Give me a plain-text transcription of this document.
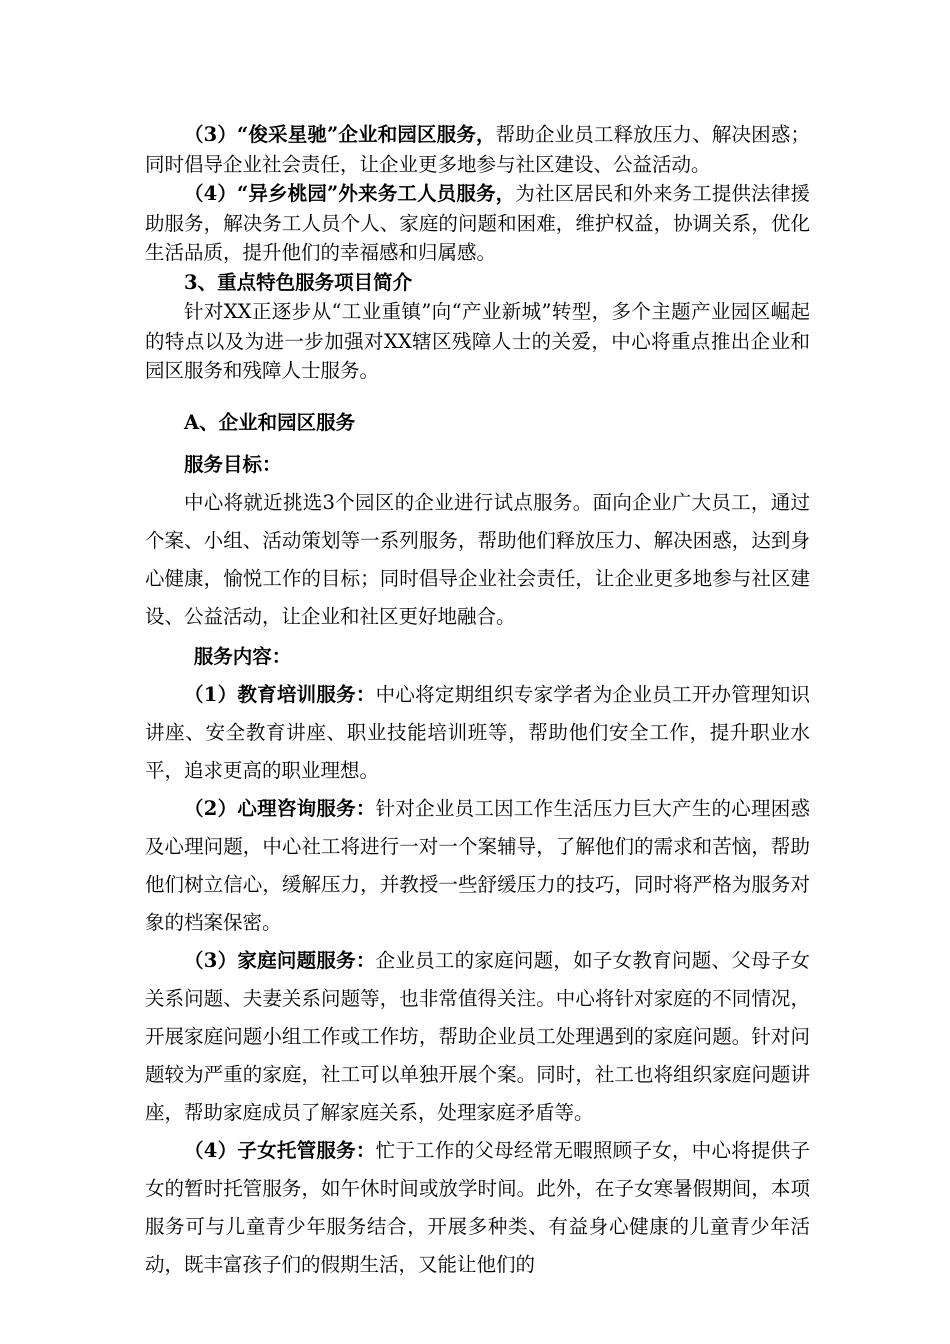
（3）“俊采星驰”企业和园区服务，帮助企业员工释放压力、解决困惑；同时倡导企业社会责任，让企业更多地参与社区建设、公益活动。

（4）“异乡桃园”外来务工人员服务，为社区居民和外来务工提供法律援助服务，解决务工人员个人、家庭的问题和困难，维护权益，协调关系，优化生活品质，提升他们的幸福感和归属感。

3、重点特色服务项目简介

针对XX正逐步从“工业重镇”向“产业新城”转型，多个主题产业园区崛起的特点以及为进一步加强对XX辖区残障人士的关爱，中心将重点推出企业和园区服务和残障人士服务。

A、企业和园区服务

服务目标：

中心将就近挑选3个园区的企业进行试点服务。面向企业广大员工，通过个案、小组、活动策划等一系列服务，帮助他们释放压力、解决困惑，达到身心健康，愉悦工作的目标；同时倡导企业社会责任，让企业更多地参与社区建设、公益活动，让企业和社区更好地融合。

服务内容：

（1）教育培训服务：中心将定期组织专家学者为企业员工开办管理知识讲座、安全教育讲座、职业技能培训班等，帮助他们安全工作，提升职业水平，追求更高的职业理想。

（2）心理咨询服务：针对企业员工因工作生活压力巨大产生的心理困惑及心理问题，中心社工将进行一对一个案辅导，了解他们的需求和苦恼，帮助他们树立信心，缓解压力，并教授一些舒缓压力的技巧，同时将严格为服务对象的档案保密。

（3）家庭问题服务：企业员工的家庭问题，如子女教育问题、父母子女关系问题、夫妻关系问题等，也非常值得关注。中心将针对家庭的不同情况，开展家庭问题小组工作或工作坊，帮助企业员工处理遇到的家庭问题。针对问题较为严重的家庭，社工可以单独开展个案。同时，社工也将组织家庭问题讲座，帮助家庭成员了解家庭关系，处理家庭矛盾等。

（4）子女托管服务：忙于工作的父母经常无暇照顾子女，中心将提供子女的暂时托管服务，如午休时间或放学时间。此外，在子女寒暑假期间，本项服务可与儿童青少年服务结合，开展多种类、有益身心健康的儿童青少年活动，既丰富孩子们的假期生活，又能让他们的
